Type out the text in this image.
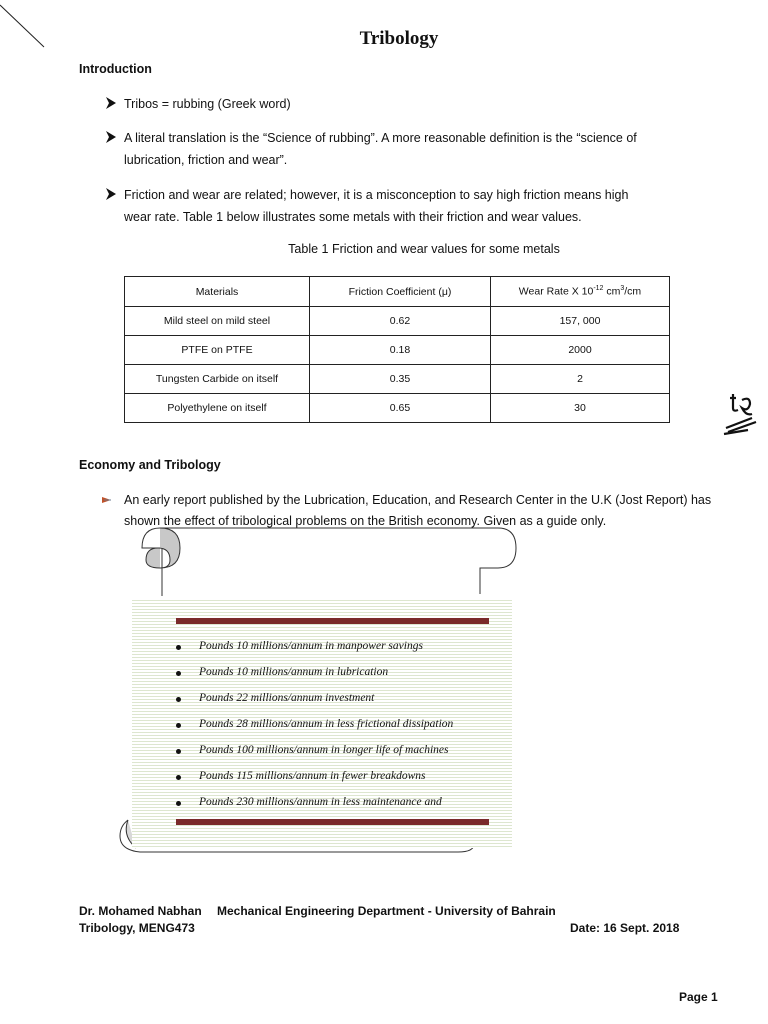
Tribology
Introduction
Tribos = rubbing (Greek word)
A literal translation is the “Science of rubbing”. A more reasonable definition is the “science of
lubrication, friction and wear”.
Friction and wear are related; however, it is a misconception to say high friction means high
wear rate. Table 1 below illustrates some metals with their friction and wear values.
Table 1 Friction and wear values for some metals
Materials	Friction Coefficient (μ)	Wear Rate X $10^{-12}$ $cm^3/cm$
Mild steel on mild steel	0.62	157, 000
PTFE on PTFE	0.18	2000
Tungsten Carbide on itself	0.35	2
Polyethylene on itself	0.65	30
Economy and Tribology
An early report published by the Lubrication, Education, and Research Center in the U.K (Jost Report) has
shown the effect of tribological problems on the British economy. Given as a guide only.
Pounds 10 millions/annum in manpower savings
Pounds 10 millions/annum in lubrication
Pounds 22 millions/annum investment
Pounds 28 millions/annum in less frictional dissipation
Pounds 100 millions/annum in longer life of machines
Pounds 115 millions/annum in fewer breakdowns
Pounds 230 millions/annum in less maintenance and
Dr. Mohamed Nabhan Mechanical Engineering Department - University of Bahrain
Tribology, MENG473	Date: 16 Sept. 2018
Page 1
